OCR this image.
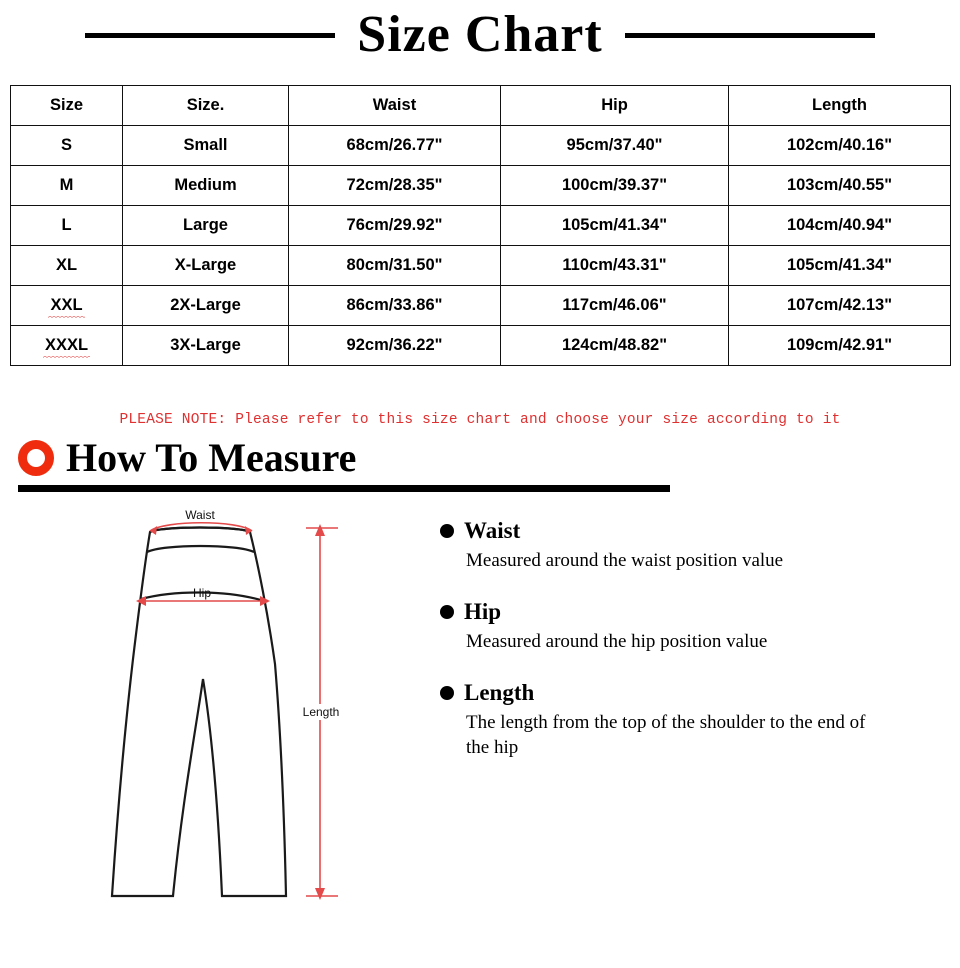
Size Chart
Size	Size.	Waist	Hip	Length
S	Small	68cm/26.77"	95cm/37.40"	102cm/40.16"
M	Medium	72cm/28.35"	100cm/39.37"	103cm/40.55"
L	Large	76cm/29.92"	105cm/41.34"	104cm/40.94"
XL	X-Large	80cm/31.50"	110cm/43.31"	105cm/41.34"
XXL	2X-Large	86cm/33.86"	117cm/46.06"	107cm/42.13"
XXXL	3X-Large	92cm/36.22"	124cm/48.82"	109cm/42.91"
PLEASE NOTE: Please refer to this size chart and choose your size according to it
How To Measure
Waist
Hip
Length
Waist
Measured around the waist position value
Hip
Measured around the hip position value
Length
The length from the top of the shoulder to the end of the hip
